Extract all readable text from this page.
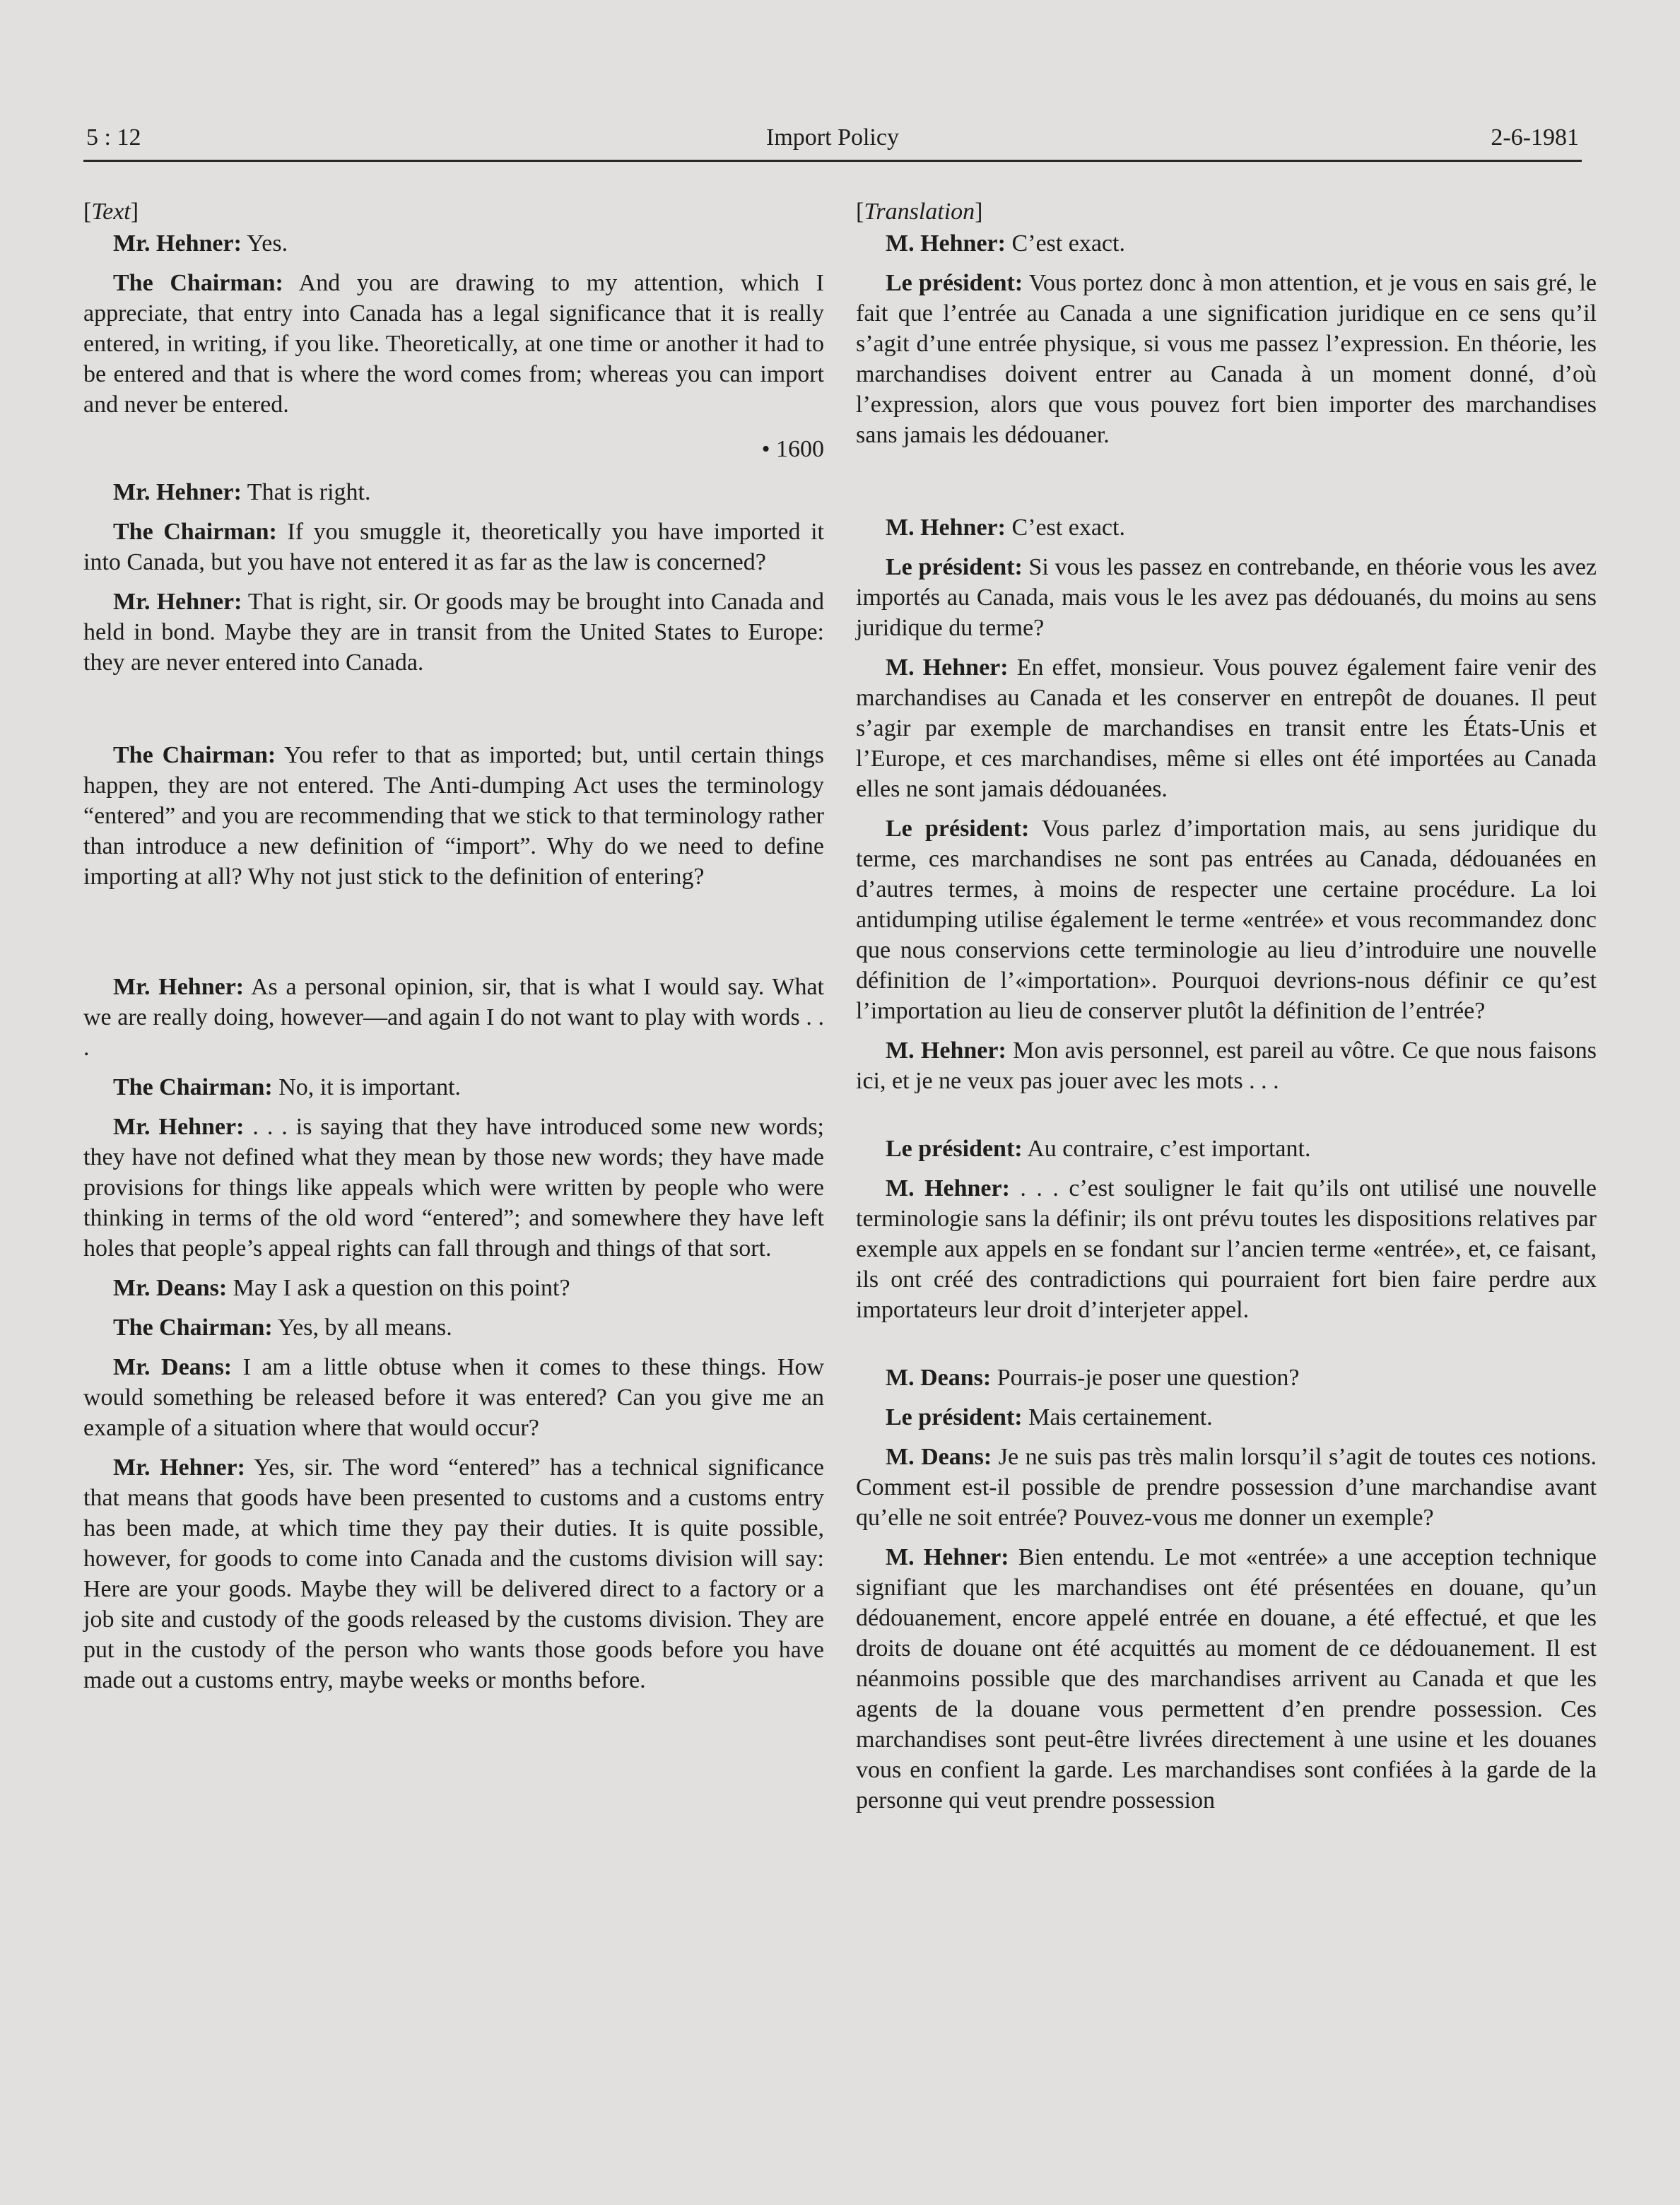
5 : 12	Import Policy	2-6-1981
[Text]

Mr. Hehner: Yes.

The Chairman: And you are drawing to my attention, which I appreciate, that entry into Canada has a legal significance that it is really entered, in writing, if you like. Theoretically, at one time or another it had to be entered and that is where the word comes from; whereas you can import and never be entered.

• 1600

Mr. Hehner: That is right.

The Chairman: If you smuggle it, theoretically you have imported it into Canada, but you have not entered it as far as the law is concerned?

Mr. Hehner: That is right, sir. Or goods may be brought into Canada and held in bond. Maybe they are in transit from the United States to Europe: they are never entered into Canada.

The Chairman: You refer to that as imported; but, until certain things happen, they are not entered. The Anti-dumping Act uses the terminology “entered” and you are recommending that we stick to that terminology rather than introduce a new definition of “import”. Why do we need to define importing at all? Why not just stick to the definition of entering?

Mr. Hehner: As a personal opinion, sir, that is what I would say. What we are really doing, however—and again I do not want to play with words . . .

The Chairman: No, it is important.

Mr. Hehner: . . . is saying that they have introduced some new words; they have not defined what they mean by those new words; they have made provisions for things like appeals which were written by people who were thinking in terms of the old word “entered”; and somewhere they have left holes that people’s appeal rights can fall through and things of that sort.

Mr. Deans: May I ask a question on this point?

The Chairman: Yes, by all means.

Mr. Deans: I am a little obtuse when it comes to these things. How would something be released before it was entered? Can you give me an example of a situation where that would occur?

Mr. Hehner: Yes, sir. The word “entered” has a technical significance that means that goods have been presented to customs and a customs entry has been made, at which time they pay their duties. It is quite possible, however, for goods to come into Canada and the customs division will say: Here are your goods. Maybe they will be delivered direct to a factory or a job site and custody of the goods released by the customs division. They are put in the custody of the person who wants those goods before you have made out a customs entry, maybe weeks or months before.

[Translation]

M. Hehner: C’est exact.

Le président: Vous portez donc à mon attention, et je vous en sais gré, le fait que l’entrée au Canada a une signification juridique en ce sens qu’il s’agit d’une entrée physique, si vous me passez l’expression. En théorie, les marchandises doivent entrer au Canada à un moment donné, d’où l’expression, alors que vous pouvez fort bien importer des marchandises sans jamais les dédouaner.

M. Hehner: C’est exact.

Le président: Si vous les passez en contrebande, en théorie vous les avez importés au Canada, mais vous le les avez pas dédouanés, du moins au sens juridique du terme?

M. Hehner: En effet, monsieur. Vous pouvez également faire venir des marchandises au Canada et les conserver en entrepôt de douanes. Il peut s’agir par exemple de marchandises en transit entre les États-Unis et l’Europe, et ces marchandises, même si elles ont été importées au Canada elles ne sont jamais dédouanées.

Le président: Vous parlez d’importation mais, au sens juridique du terme, ces marchandises ne sont pas entrées au Canada, dédouanées en d’autres termes, à moins de respecter une certaine procédure. La loi antidumping utilise également le terme «entrée» et vous recommandez donc que nous conservions cette terminologie au lieu d’introduire une nouvelle définition de l’«importation». Pourquoi devrions-nous définir ce qu’est l’importation au lieu de conserver plutôt la définition de l’entrée?

M. Hehner: Mon avis personnel, est pareil au vôtre. Ce que nous faisons ici, et je ne veux pas jouer avec les mots . . .

Le président: Au contraire, c’est important.

M. Hehner: . . . c’est souligner le fait qu’ils ont utilisé une nouvelle terminologie sans la définir; ils ont prévu toutes les dispositions relatives par exemple aux appels en se fondant sur l’ancien terme «entrée», et, ce faisant, ils ont créé des contradictions qui pourraient fort bien faire perdre aux importateurs leur droit d’interjeter appel.

M. Deans: Pourrais-je poser une question?

Le président: Mais certainement.

M. Deans: Je ne suis pas très malin lorsqu’il s’agit de toutes ces notions. Comment est-il possible de prendre possession d’une marchandise avant qu’elle ne soit entrée? Pouvez-vous me donner un exemple?

M. Hehner: Bien entendu. Le mot «entrée» a une acception technique signifiant que les marchandises ont été présentées en douane, qu’un dédouanement, encore appelé entrée en douane, a été effectué, et que les droits de douane ont été acquittés au moment de ce dédouanement. Il est néanmoins possible que des marchandises arrivent au Canada et que les agents de la douane vous permettent d’en prendre possession. Ces marchandises sont peut-être livrées directement à une usine et les douanes vous en confient la garde. Les marchandises sont confiées à la garde de la personne qui veut prendre possession
